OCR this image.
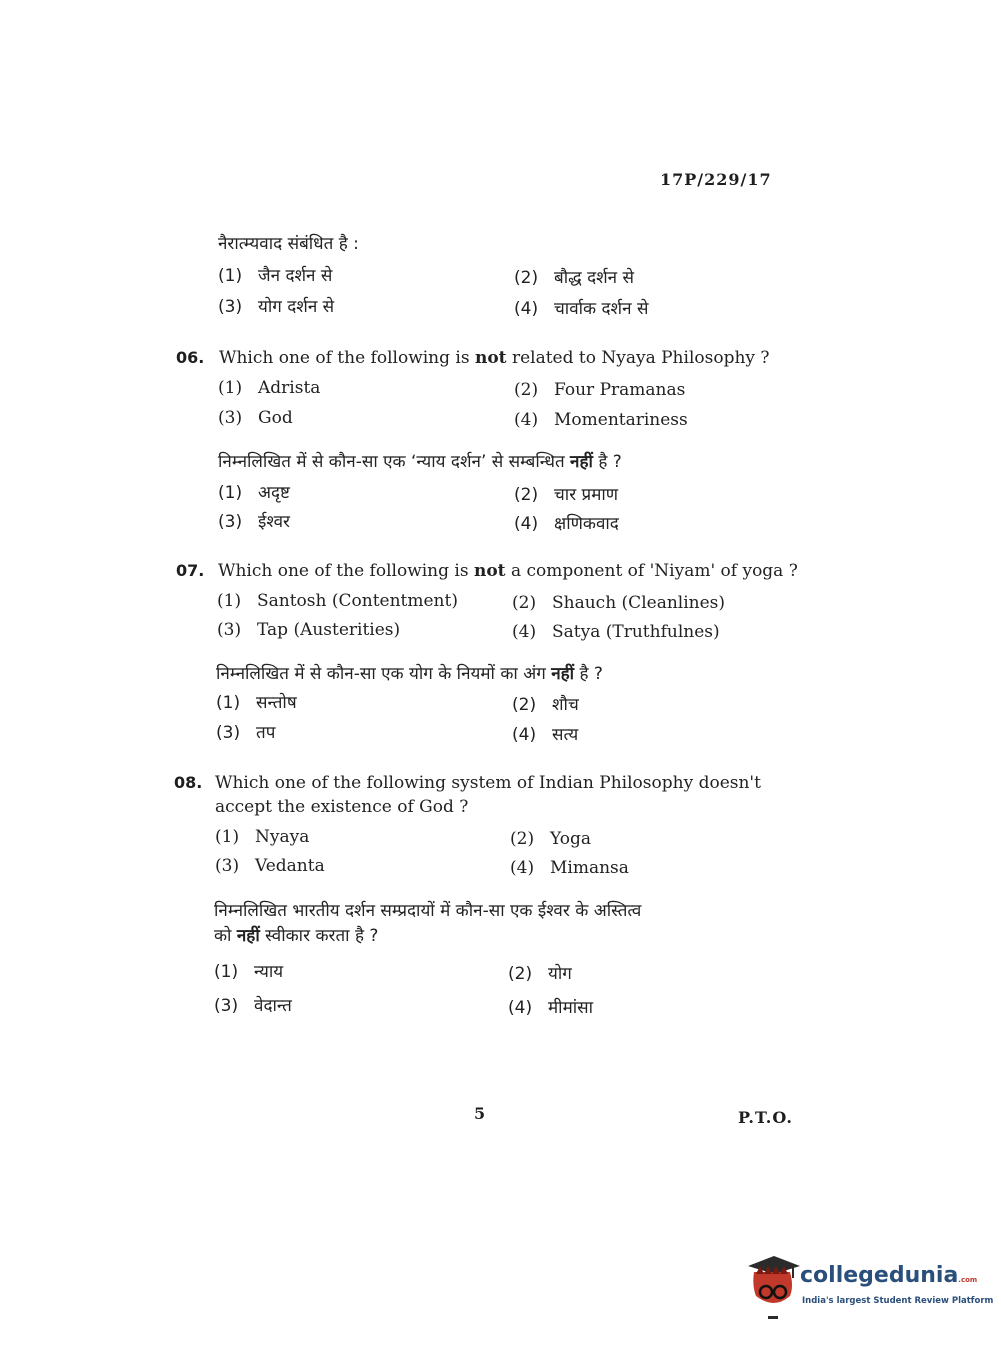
17P/229/17
नैरात्म्यवाद संबंधित है :
(1) जैन दर्शन से	(2) बौद्ध दर्शन से
(3) योग दर्शन से	(4) चार्वाक दर्शन से
06. Which one of the following is not related to Nyaya Philosophy ?
(1) Adrista	(2) Four Pramanas
(3) God	(4) Momentariness
निम्नलिखित में से कौन-सा एक ‘न्याय दर्शन’ से सम्बन्धित नहीं है ?
(1) अदृष्ट	(2) चार प्रमाण
(3) ईश्वर	(4) क्षणिकवाद
07. Which one of the following is not a component of 'Niyam' of yoga ?
(1) Santosh (Contentment)	(2) Shauch (Cleanlines)
(3) Tap (Austerities)	(4) Satya (Truthfulnes)
निम्नलिखित में से कौन-सा एक योग के नियमों का अंग नहीं है ?
(1) सन्तोष	(2) शौच
(3) तप	(4) सत्य
08. Which one of the following system of Indian Philosophy doesn't
accept the existence of God ?
(1) Nyaya	(2) Yoga
(3) Vedanta	(4) Mimansa
निम्नलिखित भारतीय दर्शन सम्प्रदायों में कौन-सा एक ईश्वर के अस्तित्व
को नहीं स्वीकार करता है ?
(1) न्याय	(2) योग
(3) वेदान्त	(4) मीमांसा
5	P.T.O.
collegedunia.com
India's largest Student Review Platform
